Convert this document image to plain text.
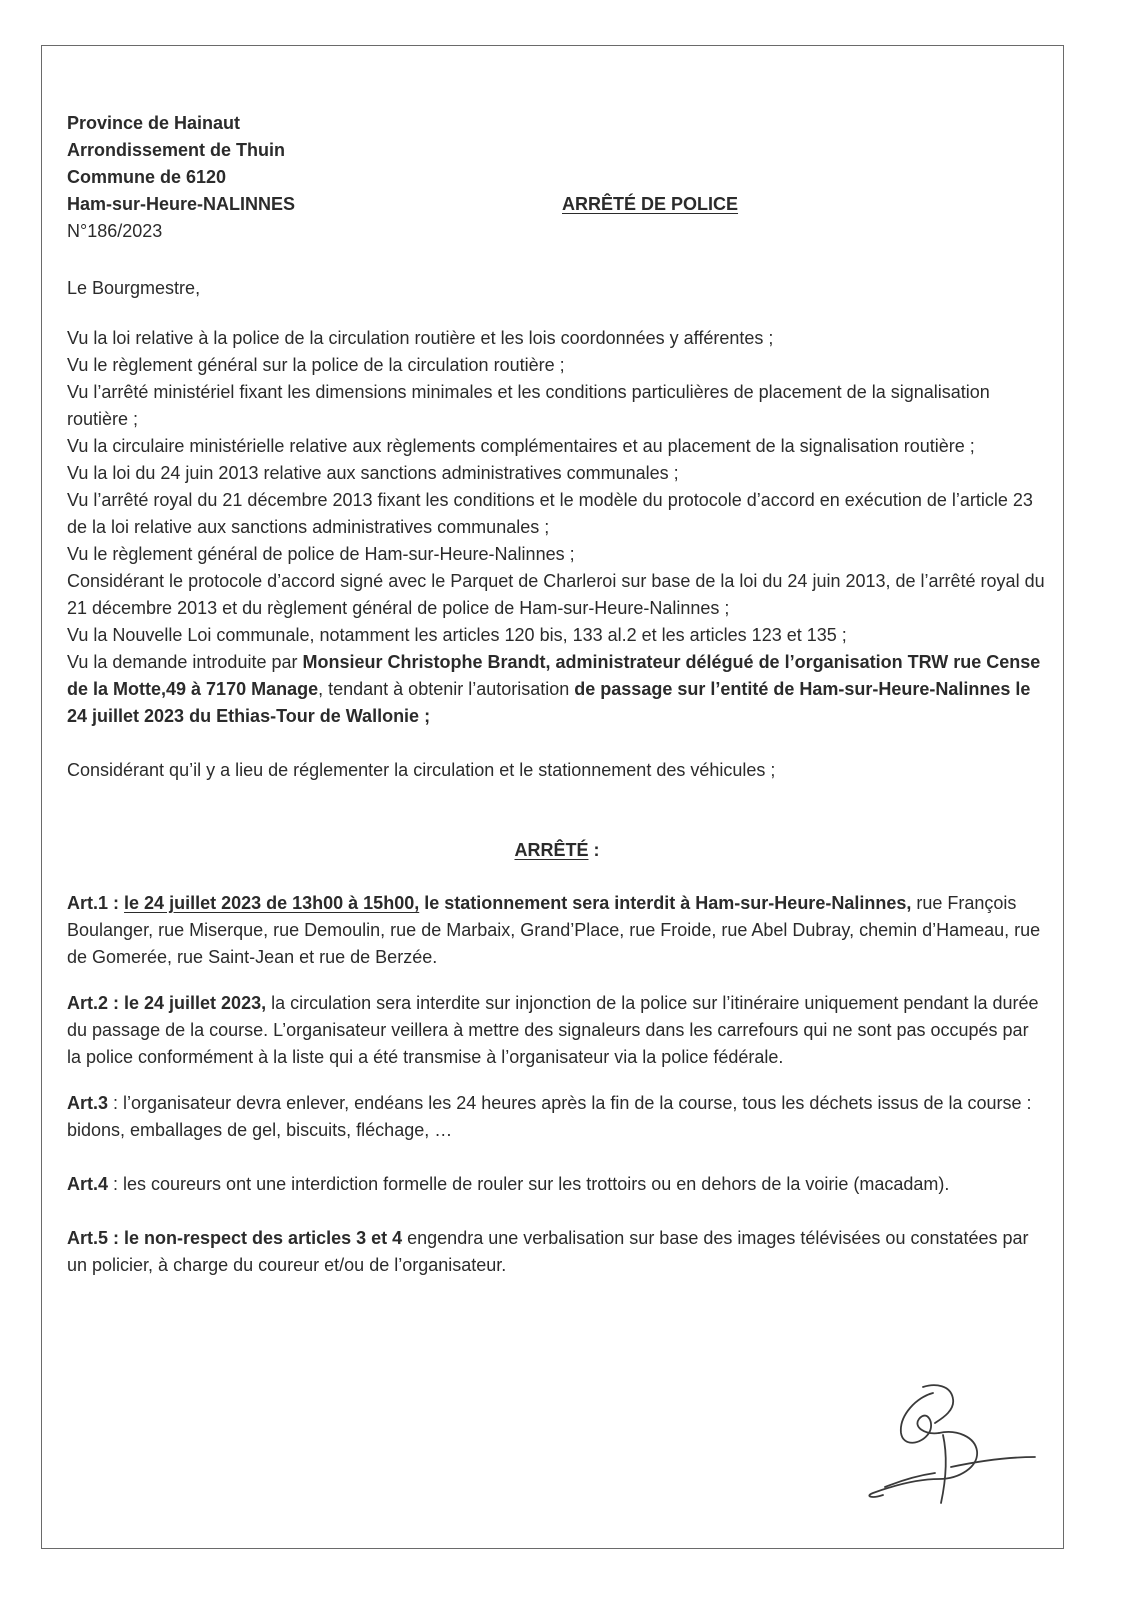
Province de Hainaut
Arrondissement de Thuin
Commune de 6120
Ham-sur-Heure-NALINNES
N°186/2023
ARRÊTÉ DE POLICE
Le Bourgmestre,

Vu la loi relative à la police de la circulation routière et les lois coordonnées y afférentes ;

Vu le règlement général sur la police de la circulation routière ;

Vu l’arrêté ministériel fixant les dimensions minimales et les conditions particulières de placement de la signalisation routière ;

Vu la circulaire ministérielle relative aux règlements complémentaires et au placement de la signalisation routière ;

Vu la loi du 24 juin 2013 relative aux sanctions administratives communales ;

Vu l’arrêté royal du 21 décembre 2013 fixant les conditions et le modèle du protocole d’accord en exécution de l’article 23 de la loi relative aux sanctions administratives communales ;

Vu le règlement général de police de Ham-sur-Heure-Nalinnes ;

Considérant le protocole d’accord signé avec le Parquet de Charleroi sur base de la loi du 24 juin 2013, de l’arrêté royal du 21 décembre 2013 et du règlement général de police de Ham-sur-Heure-Nalinnes ;

Vu la Nouvelle Loi communale, notamment les articles 120 bis, 133 al.2 et les articles 123 et 135 ;

Vu la demande introduite par Monsieur Christophe Brandt, administrateur délégué de l’organisation TRW rue Cense de la Motte,49 à 7170 Manage, tendant à obtenir l’autorisation de passage sur l’entité de Ham-sur-Heure-Nalinnes le 24 juillet 2023 du Ethias-Tour de Wallonie ;

Considérant qu’il y a lieu de réglementer la circulation et le stationnement des véhicules ;
ARRÊTÉ :
Art.1 : le 24 juillet 2023 de 13h00 à 15h00, le stationnement sera interdit à Ham-sur-Heure-Nalinnes, rue François Boulanger, rue Miserque, rue Demoulin, rue de Marbaix, Grand’Place, rue Froide, rue Abel Dubray, chemin d’Hameau, rue de Gomerée, rue Saint-Jean et rue de Berzée.
Art.2 : le 24 juillet 2023, la circulation sera interdite sur injonction de la police sur l’itinéraire uniquement pendant la durée du passage de la course. L’organisateur veillera à mettre des signaleurs dans les carrefours qui ne sont pas occupés par la police conformément à la liste qui a été transmise à l’organisateur via la police fédérale.
Art.3 : l’organisateur devra enlever, endéans les 24 heures après la fin de la course, tous les déchets issus de la course : bidons, emballages de gel, biscuits, fléchage, …
Art.4 : les coureurs ont une interdiction formelle de rouler sur les trottoirs ou en dehors de la voirie (macadam).
Art.5 : le non-respect des articles 3 et 4 engendra une verbalisation sur base des images télévisées ou constatées par un policier, à charge du coureur et/ou de l’organisateur.
